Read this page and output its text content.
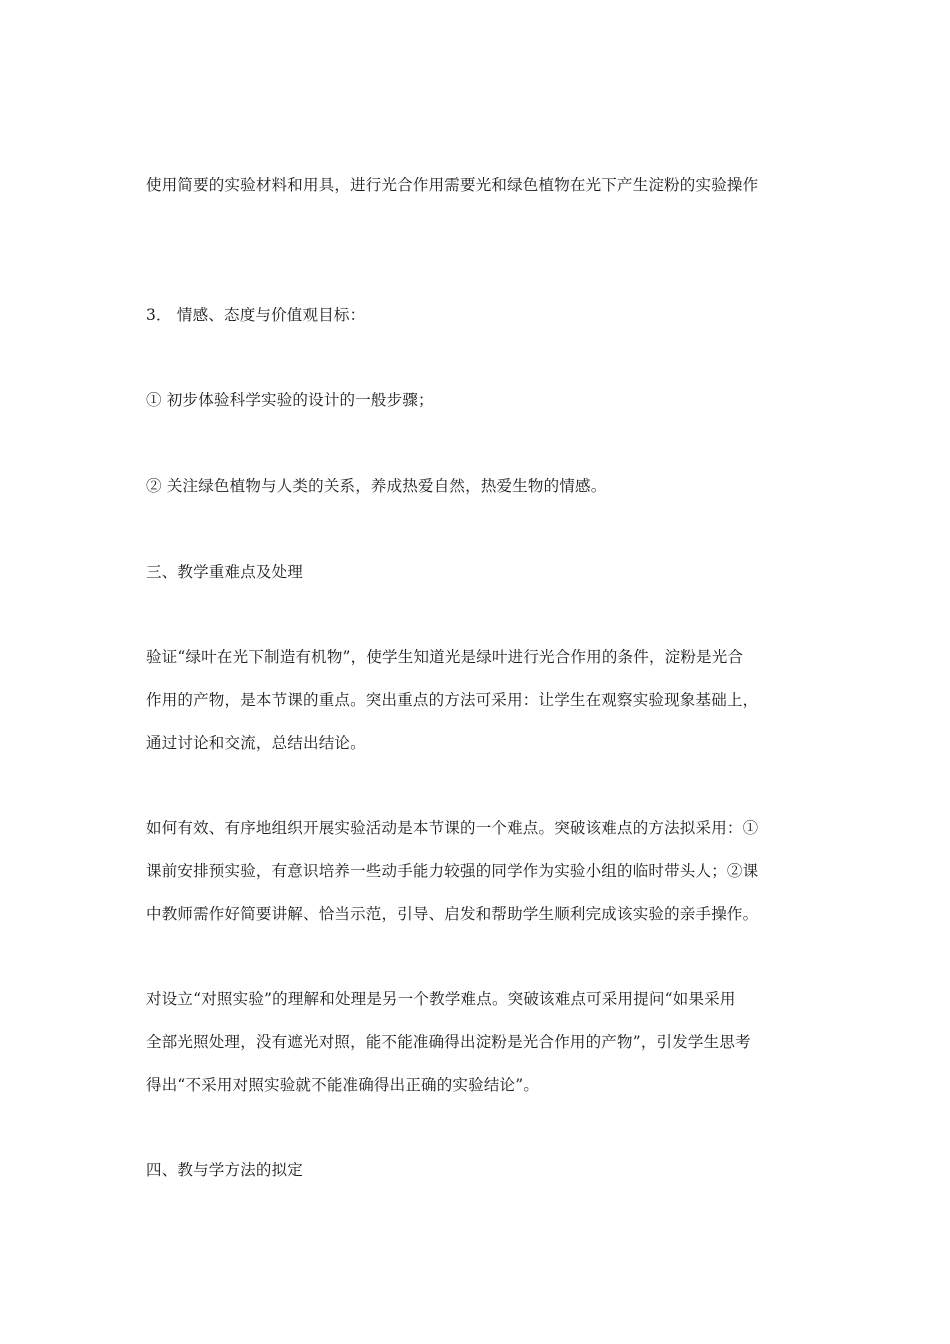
使用简要的实验材料和用具，进行光合作用需要光和绿色植物在光下产生淀粉的实验操作
3． 情感、态度与价值观目标：
① 初步体验科学实验的设计的一般步骤；
② 关注绿色植物与人类的关系，养成热爱自然，热爱生物的情感。
三、教学重难点及处理
验证“绿叶在光下制造有机物”，使学生知道光是绿叶进行光合作用的条件，淀粉是光合
作用的产物，是本节课的重点。突出重点的方法可采用：让学生在观察实验现象基础上，
通过讨论和交流，总结出结论。
如何有效、有序地组织开展实验活动是本节课的一个难点。突破该难点的方法拟采用：①
课前安排预实验，有意识培养一些动手能力较强的同学作为实验小组的临时带头人；②课
中教师需作好简要讲解、恰当示范，引导、启发和帮助学生顺利完成该实验的亲手操作。
对设立“对照实验”的理解和处理是另一个教学难点。突破该难点可采用提问“如果采用
全部光照处理，没有遮光对照，能不能准确得出淀粉是光合作用的产物”，引发学生思考
得出“不采用对照实验就不能准确得出正确的实验结论”。
四、教与学方法的拟定
